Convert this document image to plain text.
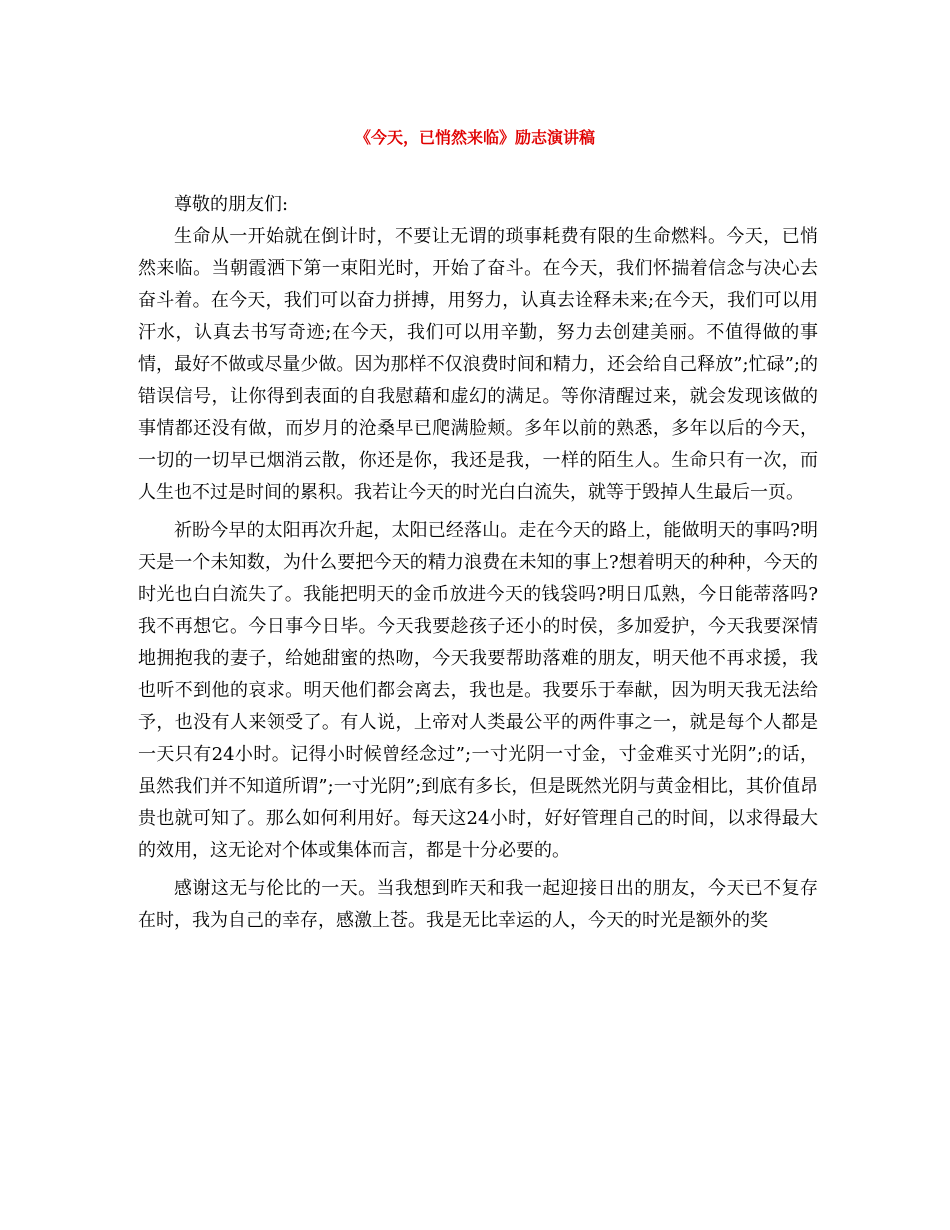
《今天，已悄然来临》励志演讲稿

尊敬的朋友们:

生命从一开始就在倒计时，不要让无谓的琐事耗费有限的生命燃料。今天，已悄然来临。当朝霞洒下第一束阳光时，开始了奋斗。在今天，我们怀揣着信念与决心去奋斗着。在今天，我们可以奋力拼搏，用努力，认真去诠释未来;在今天，我们可以用汗水，认真去书写奇迹;在今天，我们可以用辛勤，努力去创建美丽。不值得做的事情，最好不做或尽量少做。因为那样不仅浪费时间和精力，还会给自己释放”;忙碌”;的错误信号，让你得到表面的自我慰藉和虚幻的满足。等你清醒过来，就会发现该做的事情都还没有做，而岁月的沧桑早已爬满脸颊。多年以前的熟悉，多年以后的今天，一切的一切早已烟消云散，你还是你，我还是我，一样的陌生人。生命只有一次，而人生也不过是时间的累积。我若让今天的时光白白流失，就等于毁掉人生最后一页。

祈盼今早的太阳再次升起，太阳已经落山。走在今天的路上，能做明天的事吗?明天是一个未知数，为什么要把今天的精力浪费在未知的事上?想着明天的种种，今天的时光也白白流失了。我能把明天的金币放进今天的钱袋吗?明日瓜熟，今日能蒂落吗?我不再想它。今日事今日毕。今天我要趁孩子还小的时侯，多加爱护，今天我要深情地拥抱我的妻子，给她甜蜜的热吻，今天我要帮助落难的朋友，明天他不再求援，我也听不到他的哀求。明天他们都会离去，我也是。我要乐于奉献，因为明天我无法给予，也没有人来领受了。有人说，上帝对人类最公平的两件事之一，就是每个人都是一天只有24小时。记得小时候曾经念过”;一寸光阴一寸金，寸金难买寸光阴”;的话，虽然我们并不知道所谓”;一寸光阴”;到底有多长，但是既然光阴与黄金相比，其价值昂贵也就可知了。那么如何利用好。每天这24小时，好好管理自己的时间，以求得最大的效用，这无论对个体或集体而言，都是十分必要的。

感谢这无与伦比的一天。当我想到昨天和我一起迎接日出的朋友，今天已不复存在时，我为自己的幸存，感激上苍。我是无比幸运的人，今天的时光是额外的奖
